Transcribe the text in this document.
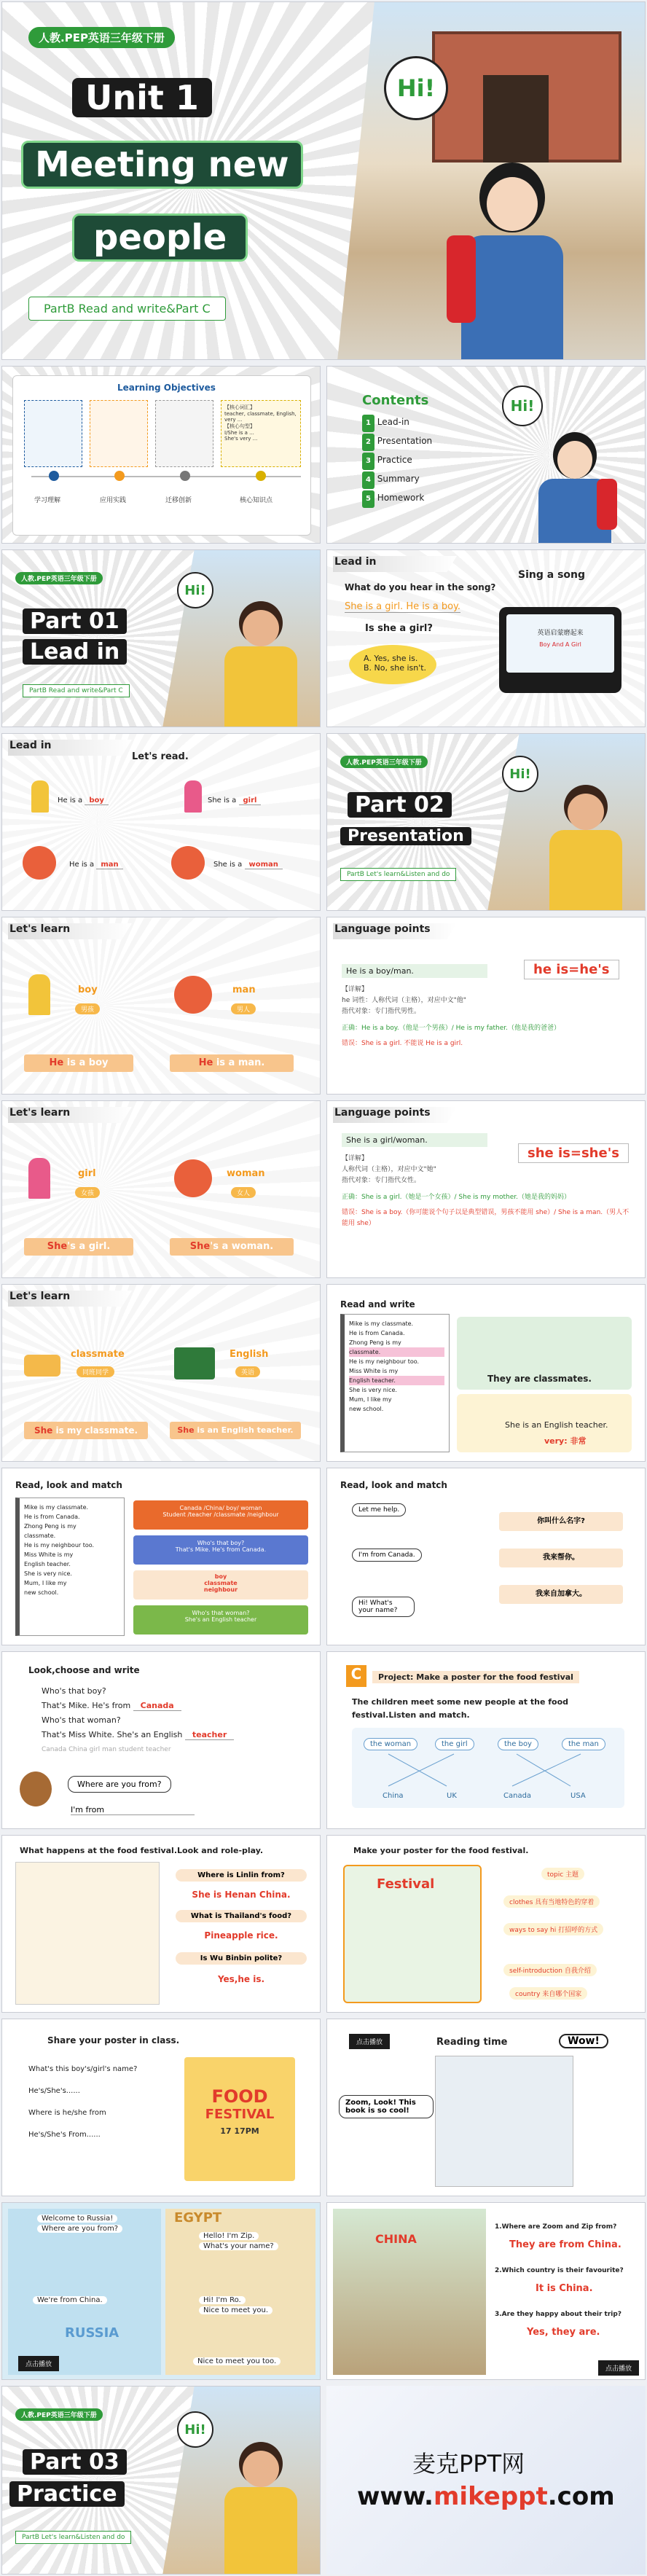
人教.PEP英语三年级下册
Unit 1
Meeting new
people
PartB Read and write&Part C
Hi!
Learning Objectives
【核心词汇】
teacher, classmate, English, very ...
【核心句型】
I/She is a ...
She's very ...
学习理解	应用实践	迁移创新	核心知识点
Contents
1 Lead-in
2 Presentation
3 Practice
4 Summary
5 Homework
Hi!
人教.PEP英语三年级下册
Part 01
Lead in
PartB Read and write&Part C
Hi!
Lead in
What do you hear in the song?
She is a girl. He is a boy.
Sing a song
Is she a girl?
A. Yes, she is.
B. No, she isn't.
英语启蒙磨起来
Boy And A Girl
Lead in
Let's read.
He is a boy	She is a girl
He is a man	She is a woman
人教.PEP英语三年级下册
Part 02
Presentation
PartB Let's learn&Listen and do
Hi!
Let's learn
boy
男孩
man
男人
He is a boy	He is a man.
Language points
He is a boy/man.	he is=he's
【详解】
he 词性：人称代词（主格），对应中文"他"
指代对象：专门指代男性。
正确：He is a boy.（他是一个男孩）/ He is my father.（他是我的爸爸）
错误：She is a girl. 不能说 He is a girl.
Let's learn
girl
女孩
woman
女人
She's a girl.	She's a woman.
Language points
She is a girl/woman.
she is=she's
【详解】
人称代词（主格），对应中文"她"
指代对象：专门指代女性。
正确：She is a girl.（她是一个女孩）/ She is my mother.（她是我的妈妈）
错误：She is a boy.（你可能说个句子以是典型错误，男孩不能用 she）/ She is a man.（男人不能用 she）
Let's learn
classmate
同班同学
English
英语
She is my classmate.	She is an English teacher.
Read and write
Mike is my classmate.
He is from Canada.
Zhong Peng is my
classmate.
He is my neighbour too.
Miss White is my
English teacher.
She is very nice.
Mum, I like my
new school.
They are classmates.
She is an English teacher.
very: 非常
Read, look and match
Mike is my classmate.
He is from Canada.
Zhong Peng is my
classmate.
He is my neighbour too.
Miss White is my
English teacher.
She is very nice.
Mum, I like my
new school.
Canada /China/ boy/ woman
Student /teacher /classmate /neighbour
Who's that boy?
That's Mike. He's from Canada.
boy
classmate
neighbour
Who's that woman?
She's an English teacher
Read, look and match
Let me help.
I'm from Canada.
Hi! What's your name?
你叫什么名字?
我来帮你。
我来自加拿大。
Look,choose and write
Who's that boy?
That's Mike. He's from Canada
Who's that woman?
That's Miss White. She's an English teacher
Canada China girl man student teacher
Where are you from?
I'm from
C	Project: Make a poster for the food festival
The children meet some new people at the food
festival.Listen and match.
the woman	the girl	the boy	the man
China	UK	Canada	USA
What happens at the food festival.Look and role-play.
Where is Linlin from?
She is Henan China.
What is Thailand's food?
Pineapple rice.
Is Wu Binbin polite?
Yes,he is.
Make your poster for the food festival.
Festival
topic 主题
clothes 具有当地特色的穿着
ways to say hi 打招呼的方式
self-introduction 自我介绍
country 来自哪个国家
Share your poster in class.
What's this boy's/girl's name?
He's/She's......
Where is he/she from
He's/She's From......
FOOD
FESTIVAL
17 17PM
点击播放	Reading time	Wow!
Zoom, Look! This book is so cool!
Welcome to Russia!
Where are you from?
We're from China.
RUSSIA
EGYPT
Hello! I'm Zip.
What's your name?
Hi! I'm Ro.
Nice to meet you.
Nice to meet you too.
点击播放
CHINA
1.Where are Zoom and Zip from?
They are from China.
2.Which country is their favourite?
It is China.
3.Are they happy about their trip?
Yes, they are.
点击播放
人教.PEP英语三年级下册
Part 03
Practice
PartB Let's learn&Listen and do
Hi!
麦克PPT网
www.mikeppt.com
